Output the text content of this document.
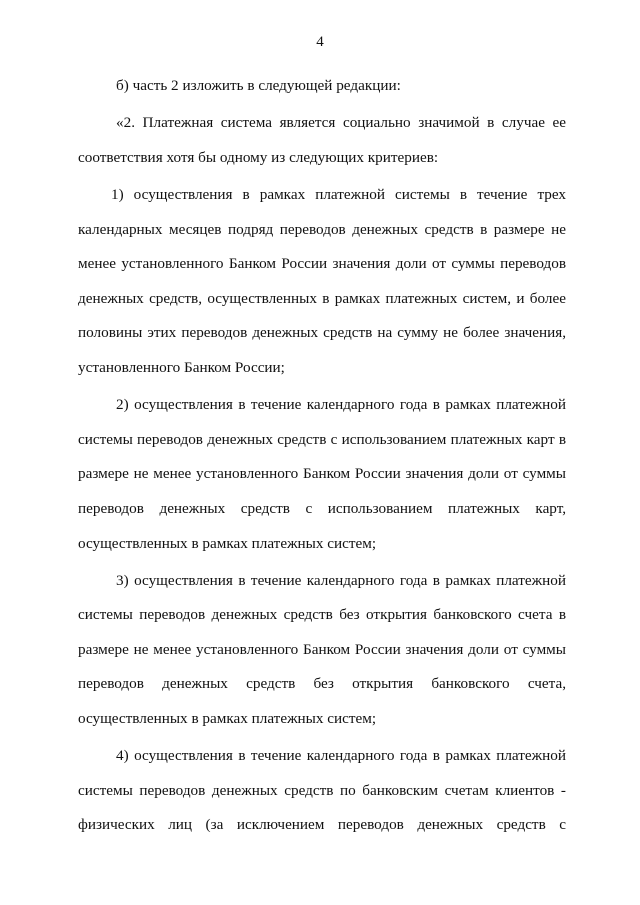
4
б) часть 2 изложить в следующей редакции:
«2. Платежная система является социально значимой в случае ее
соответствия хотя бы одному из следующих критериев:
1) осуществления в рамках платежной системы в течение трех
календарных месяцев подряд переводов денежных средств в размере не
менее установленного Банком России значения доли от суммы переводов
денежных средств, осуществленных в рамках платежных систем, и более
половины этих переводов денежных средств на сумму не более значения,
установленного Банком России;
2) осуществления в течение календарного года в рамках платежной
системы переводов денежных средств с использованием платежных карт в
размере не менее установленного Банком России значения доли от суммы
переводов денежных средств с использованием платежных карт,
осуществленных в рамках платежных систем;
3) осуществления в течение календарного года в рамках платежной
системы переводов денежных средств без открытия банковского счета в
размере не менее установленного Банком России значения доли от суммы
переводов денежных средств без открытия банковского счета,
осуществленных в рамках платежных систем;
4) осуществления в течение календарного года в рамках платежной
системы переводов денежных средств по банковским счетам клиентов -
физических лиц (за исключением переводов денежных средств с
